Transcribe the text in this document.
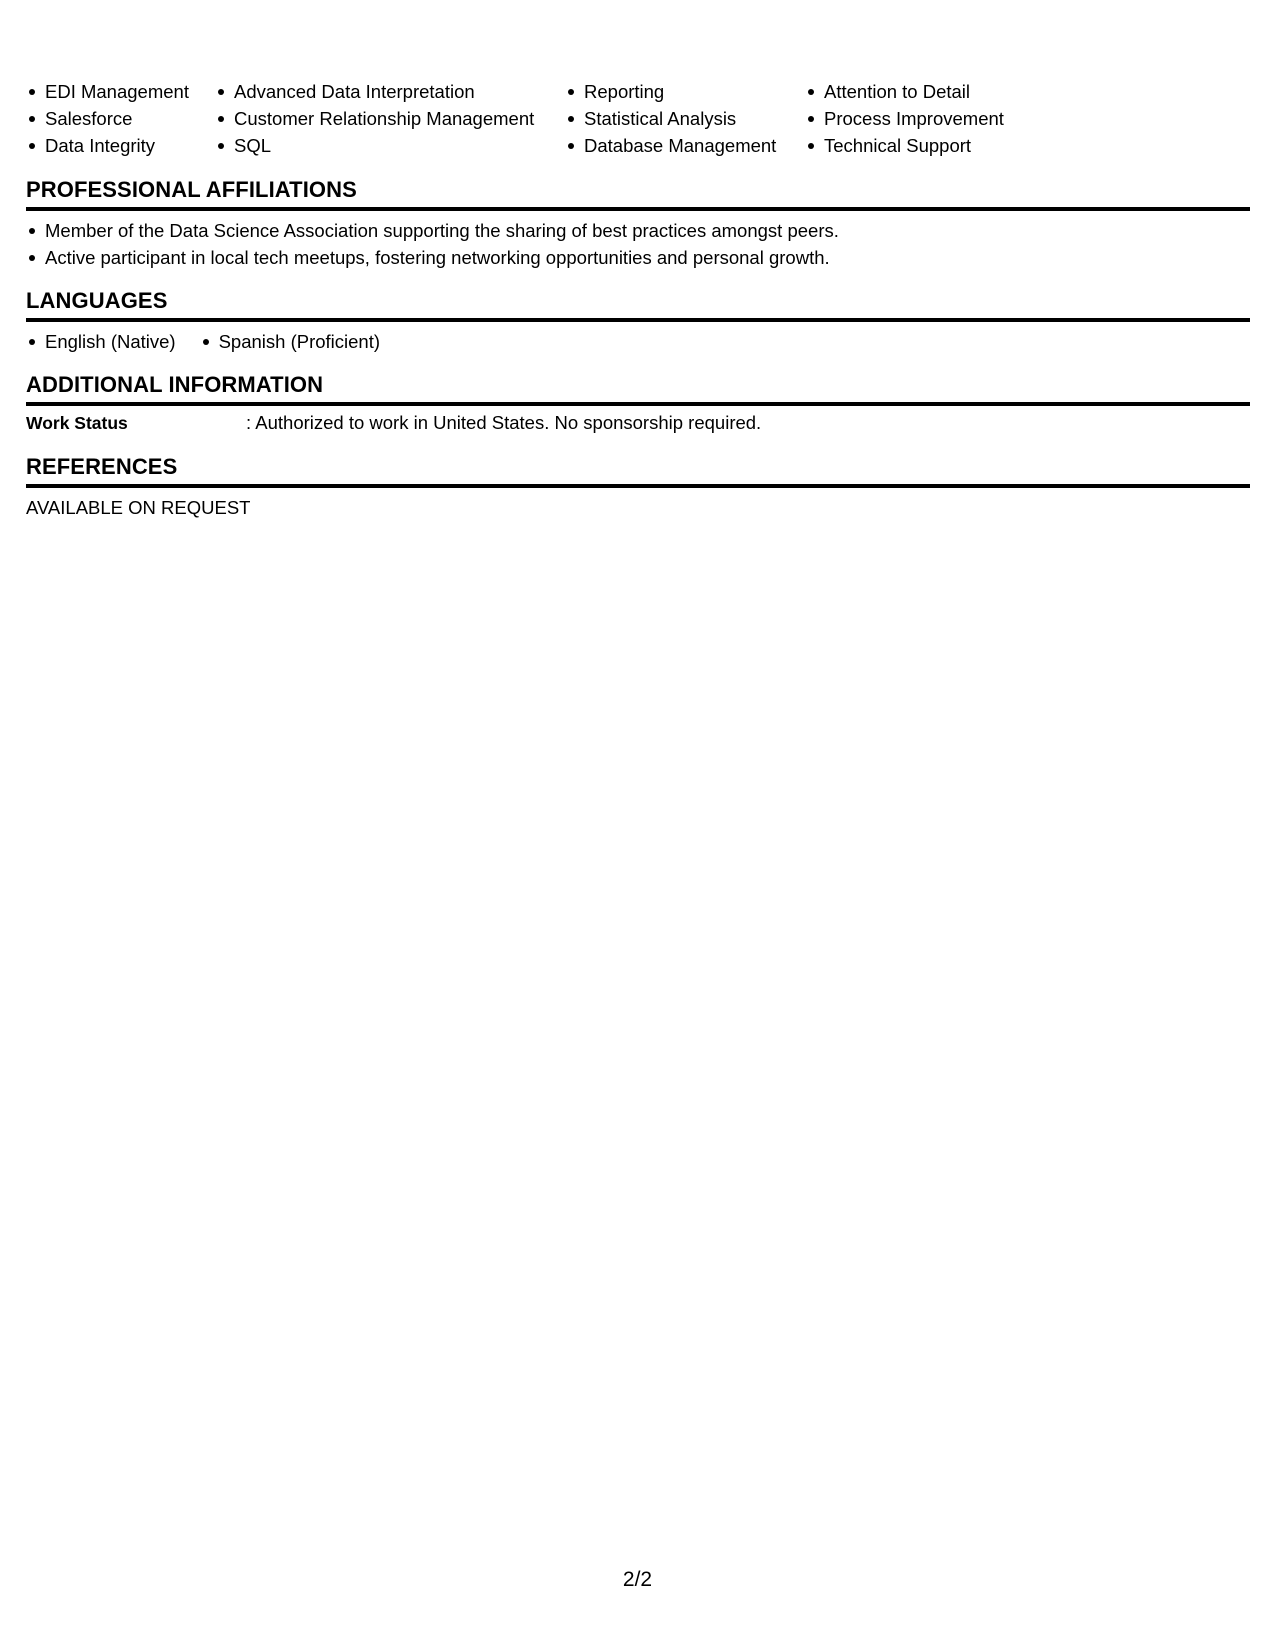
EDI Management
Salesforce
Data Integrity
Advanced Data Interpretation
Customer Relationship Management
SQL
Reporting
Statistical Analysis
Database Management
Attention to Detail
Process Improvement
Technical Support
PROFESSIONAL AFFILIATIONS
Member of the Data Science Association supporting the sharing of best practices amongst peers.
Active participant in local tech meetups, fostering networking opportunities and personal growth.
LANGUAGES
English (Native)	Spanish (Proficient)
ADDITIONAL INFORMATION
Work Status	: Authorized to work in United States. No sponsorship required.
REFERENCES
AVAILABLE ON REQUEST
2/2
